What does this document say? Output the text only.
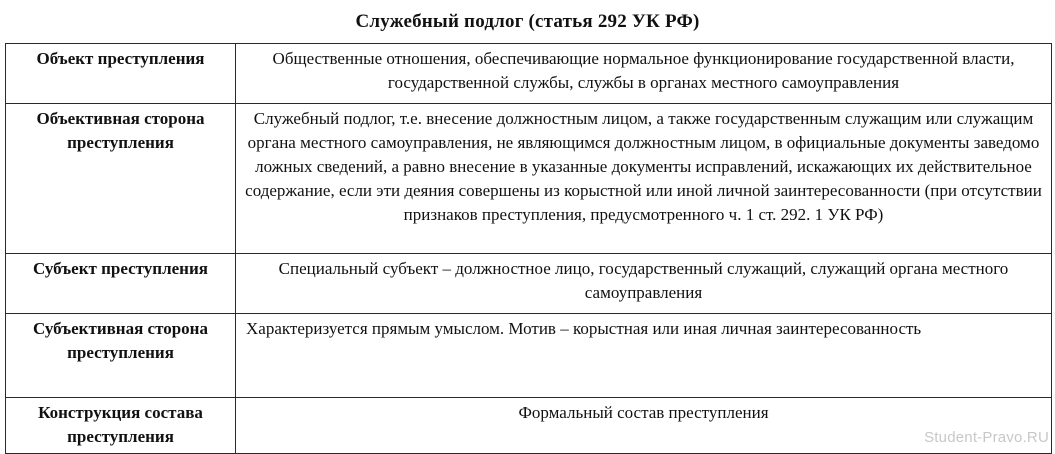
Служебный подлог (статья 292 УК РФ)
Объект преступления	Общественные отношения, обеспечивающие нормальное функционирование государственной власти, государственной службы, службы в органах местного самоуправления
Объективная сторона преступления	Служебный подлог, т.е. внесение должностным лицом, а также государственным служащим или служащим органа местного самоуправления, не являющимся должностным лицом, в официальные документы заведомо ложных сведений, а равно внесение в указанные документы исправлений, искажающих их действительное содержание, если эти деяния совершены из корыстной или иной личной заинтересованности (при отсутствии признаков преступления, предусмотренного ч. 1 ст. 292. 1 УК РФ)
Субъект преступления	Специальный субъект – должностное лицо, государственный служащий, служащий органа местного самоуправления
Субъективная сторона преступления	Характеризуется прямым умыслом. Мотив – корыстная или иная личная заинтересованность
Конструкция состава преступления	Формальный состав преступления
Student-Pravo.RU
